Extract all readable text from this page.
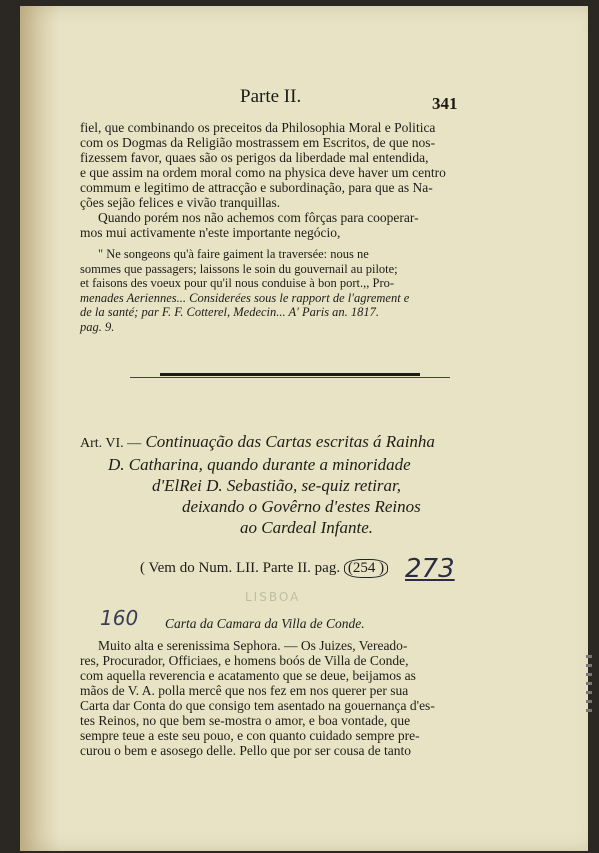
Parte II.	341
fiel, que combinando os preceitos da Philosophia Moral e Politica
com os Dogmas da Religião mostrassem em Escritos, de que nos-
fizessem favor, quaes são os perigos da liberdade mal entendida,
e que assim na ordem moral como na physica deve haver um centro
commum e legitimo de attracção e subordinação, para que as Na-
ções sejão felices e vivão tranquillas.
Quando porém nos não achemos com fôrças para cooperar-
mos mui activamente n'este importante negócio,
" Ne songeons qu'à faire gaiment la traversée: nous ne
sommes que passagers; laissons le soin du gouvernail au pilote;
et faisons des voeux pour qu'il nous conduise à bon port.,, Pro-
menades Aeriennes... Considerées sous le rapport de l'agrement e
de la santé; par F. F. Cotterel, Medecin... A' Paris an. 1817.
pag. 9.
Art. VI. — Continuação das Cartas escritas á Rainha
D. Catharina, quando durante a minoridade
d'ElRei D. Sebastião, se-quiz retirar,
deixando o Govêrno d'estes Reinos
ao Cardeal Infante.
( Vem do Num. LII. Parte II. pag. (254 ) 273
LISBOA
160 Carta da Camara da Villa de Conde.
Muito alta e serenissima Sephora. — Os Juizes, Vereado-
res, Procurador, Officiaes, e homens boós de Villa de Conde,
com aquella reverencia e acatamento que se deue, beijamos as
mãos de V. A. polla mercê que nos fez em nos querer per sua
Carta dar Conta do que consigo tem asentado na gouernança d'es-
tes Reinos, no que bem se-mostra o amor, e boa vontade, que
sempre teue a este seu pouo, e con quanto cuidado sempre pre-
curou o bem e asosego delle. Pello que por ser cousa de tanto
